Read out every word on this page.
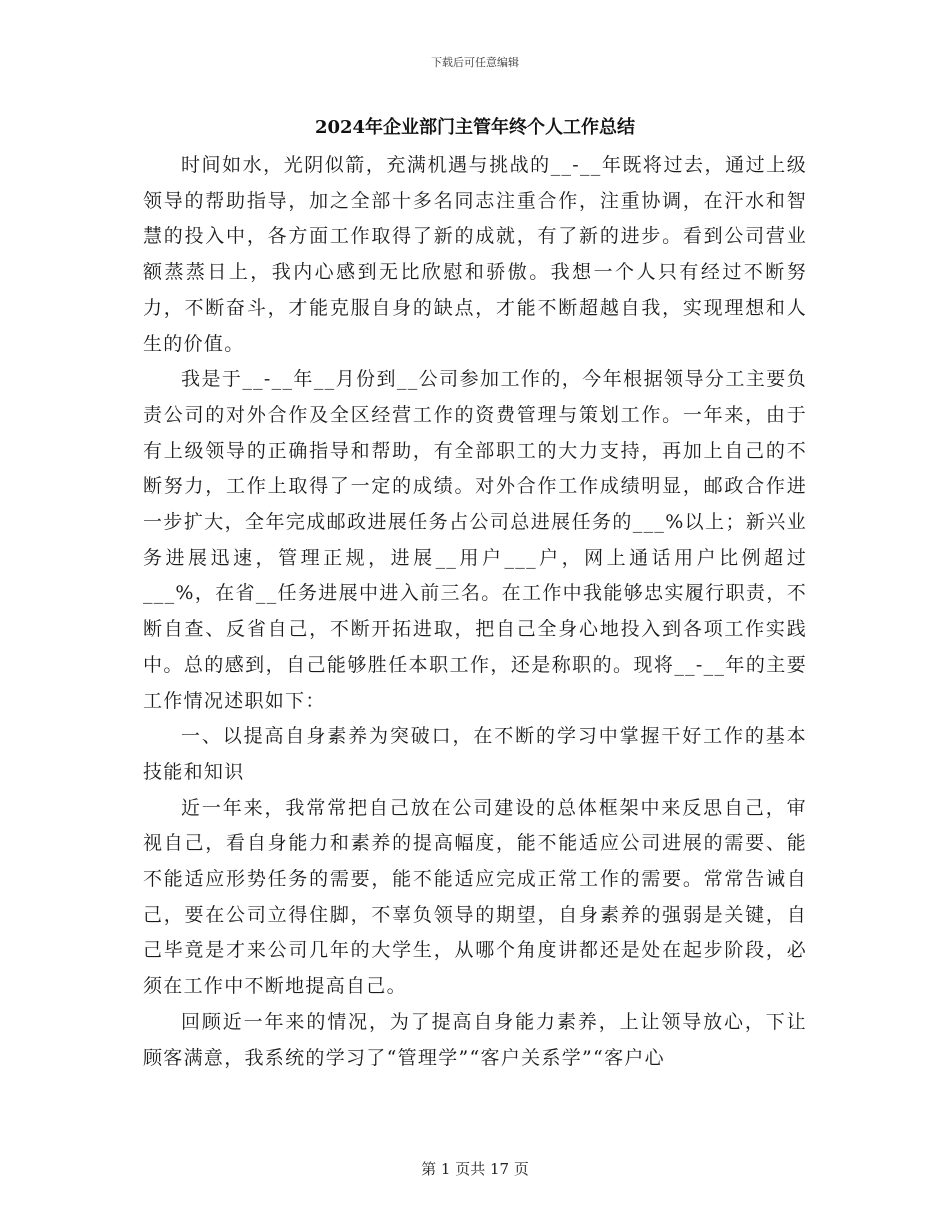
下载后可任意编辑
2024年企业部门主管年终个人工作总结

时间如水，光阴似箭，充满机遇与挑战的__-__年既将过去，通过上级领导的帮助指导，加之全部十多名同志注重合作，注重协调，在汗水和智慧的投入中，各方面工作取得了新的成就，有了新的进步。看到公司营业额蒸蒸日上，我内心感到无比欣慰和骄傲。我想一个人只有经过不断努力，不断奋斗，才能克服自身的缺点，才能不断超越自我，实现理想和人生的价值。

我是于__-__年__月份到__公司参加工作的，今年根据领导分工主要负责公司的对外合作及全区经营工作的资费管理与策划工作。一年来，由于有上级领导的正确指导和帮助，有全部职工的大力支持，再加上自己的不断努力，工作上取得了一定的成绩。对外合作工作成绩明显，邮政合作进一步扩大，全年完成邮政进展任务占公司总进展任务的___%以上；新兴业务进展迅速，管理正规，进展__用户___户，网上通话用户比例超过___%，在省__任务进展中进入前三名。在工作中我能够忠实履行职责，不断自查、反省自己，不断开拓进取，把自己全身心地投入到各项工作实践中。总的感到，自己能够胜任本职工作，还是称职的。现将__-__年的主要工作情况述职如下：

一、以提高自身素养为突破口，在不断的学习中掌握干好工作的基本技能和知识

近一年来，我常常把自己放在公司建设的总体框架中来反思自己，审视自己，看自身能力和素养的提高幅度，能不能适应公司进展的需要、能不能适应形势任务的需要，能不能适应完成正常工作的需要。常常告诫自己，要在公司立得住脚，不辜负领导的期望，自身素养的强弱是关键，自己毕竟是才来公司几年的大学生，从哪个角度讲都还是处在起步阶段，必须在工作中不断地提高自己。

回顾近一年来的情况，为了提高自身能力素养，上让领导放心，下让顾客满意，我系统的学习了“管理学”“客户关系学”“客户心

第 1 页共 17 页
